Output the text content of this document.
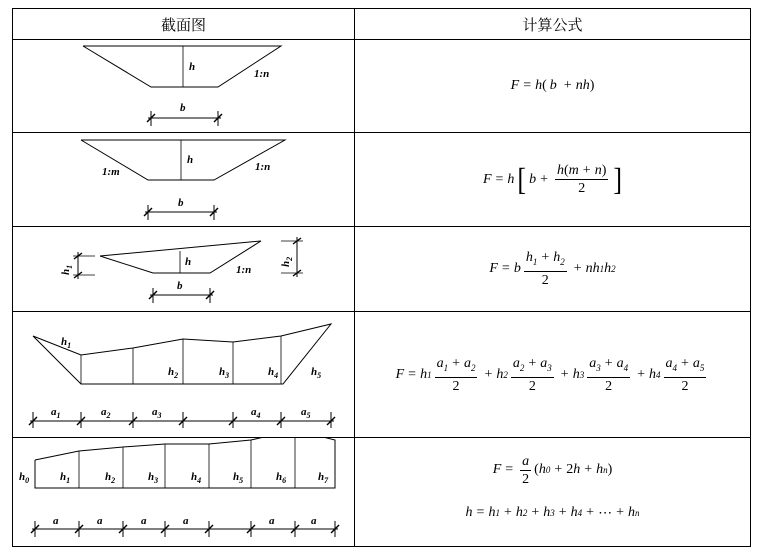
截面图	计算公式
h
1:n
b
F = h ( b + n h )
h
1:m	1:n
b
F = h [ $b + \frac{h(m + n)}{2}$ ]
h
1:n
b
$h_1$	$h_2$
F = b $\frac{h_1 + h_2}{2} + n$ h 1 h 2
$h_1$
$h_2$	$h_3$	$h_4$	$h_5$
$a_1$	$a_2$	$a_3$	$a_4$	$a_5$
F = h $1 \frac{a_1 + a_2}{2} + h$ $2 \frac{a_2 + a_3}{2} + h$ $3 \frac{a_3 + a_4}{2} + h$ $4 \frac{a_4 + a_5}{2}$
$h_0$	$h_1$	$h_2$	$h_3$	$h_4$	$h_5$	$h_6$	$h_7$
a	a	a	a	a	a
$F = \frac{a}{2}$ ( h 0 + 2 h + h n )
h = h 1 + h 2 + h 3 + h 4 + ⋯ + h n
